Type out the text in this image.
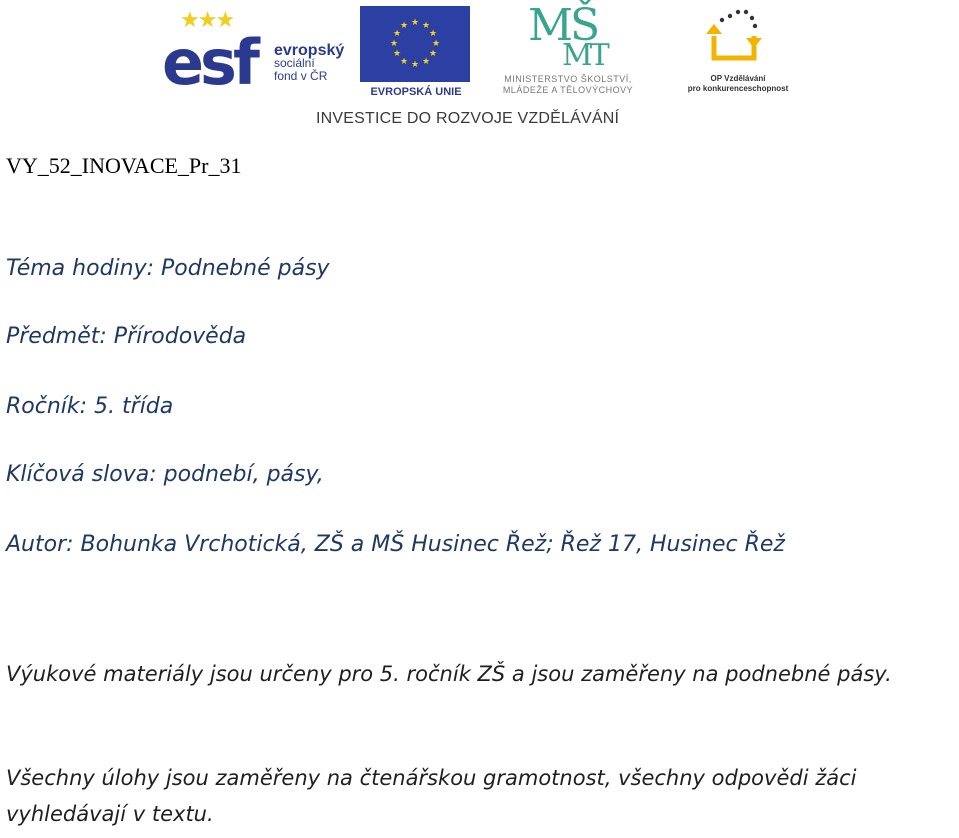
★★★
esf evropský
sociální
fond v ČR
★ ★
★
★
★
★
★
★
★
★
★
★
EVROPSKÁ UNIE
MŠ
MT
MINISTERSTVO ŠKOLSTVÍ,
MLÁDEŽE A TĚLOVÝCHOVY
OP Vzdělávání
pro konkurenceschopnost
INVESTICE DO ROZVOJE VZDĚLÁVÁNÍ
VY_52_INOVACE_Pr_31
Téma hodiny: Podnebné pásy
Předmět: Přírodověda
Ročník: 5. třída
Klíčová slova: podnebí, pásy,
Autor: Bohunka Vrchotická, ZŠ a MŠ Husinec Řež; Řež 17, Husinec Řež
Výukové materiály jsou určeny pro 5. ročník ZŠ a jsou zaměřeny na podnebné pásy.
Všechny úlohy jsou zaměřeny na čtenářskou gramotnost, všechny odpovědi žáci vyhledávají v textu.
